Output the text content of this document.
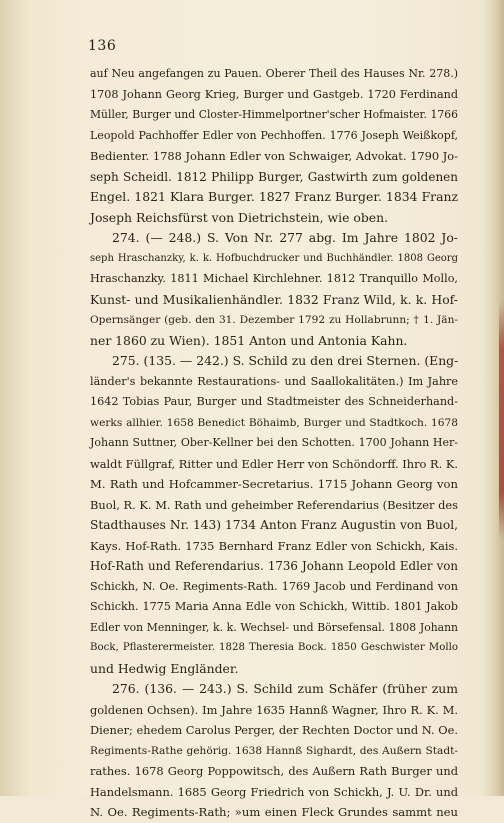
136
auf Neu angefangen zu Pauen. Oberer Theil des Hauses Nr. 278.)
1708 Johann Georg Krieg, Burger und Gastgeb. 1720 Ferdinand
Müller, Burger und Closter-Himmelportner'scher Hofmaister. 1766
Leopold Pachhoffer Edler von Pechhoffen. 1776 Joseph Weißkopf,
Bedienter. 1788 Johann Edler von Schwaiger, Advokat. 1790 Jo-
seph Scheidl. 1812 Philipp Burger, Gastwirth zum goldenen
Engel. 1821 Klara Burger. 1827 Franz Burger. 1834 Franz
Joseph Reichsfürst von Dietrichstein, wie oben.
274. (— 248.) S. Von Nr. 277 abg. Im Jahre 1802 Jo-
seph Hraschanzky, k. k. Hofbuchdrucker und Buchhändler. 1808 Georg
Hraschanzky. 1811 Michael Kirchlehner. 1812 Tranquillo Mollo,
Kunst- und Musikalienhändler. 1832 Franz Wild, k. k. Hof-
Opernsänger (geb. den 31. Dezember 1792 zu Hollabrunn; † 1. Jän-
ner 1860 zu Wien). 1851 Anton und Antonia Kahn.
275. (135. — 242.) S. Schild zu den drei Sternen. (Eng-
länder's bekannte Restaurations- und Saallokalitäten.) Im Jahre
1642 Tobias Paur, Burger und Stadtmeister des Schneiderhand-
werks allhier. 1658 Benedict Böhaimb, Burger und Stadtkoch. 1678
Johann Suttner, Ober-Kellner bei den Schotten. 1700 Johann Her-
waldt Füllgraf, Ritter und Edler Herr von Schöndorff. Ihro R. K.
M. Rath und Hofcammer-Secretarius. 1715 Johann Georg von
Buol, R. K. M. Rath und geheimber Referendarius (Besitzer des
Stadthauses Nr. 143) 1734 Anton Franz Augustin von Buol,
Kays. Hof-Rath. 1735 Bernhard Franz Edler von Schickh, Kais.
Hof-Rath und Referendarius. 1736 Johann Leopold Edler von
Schickh, N. Oe. Regiments-Rath. 1769 Jacob und Ferdinand von
Schickh. 1775 Maria Anna Edle von Schickh, Wittib. 1801 Jakob
Edler von Menninger, k. k. Wechsel- und Börsefensal. 1808 Johann
Bock, Pflasterermeister. 1828 Theresia Bock. 1850 Geschwister Mollo
und Hedwig Engländer.
276. (136. — 243.) S. Schild zum Schäfer (früher zum
goldenen Ochsen). Im Jahre 1635 Hannß Wagner, Ihro R. K. M.
Diener; ehedem Carolus Perger, der Rechten Doctor und N. Oe.
Regiments-Rathe gehörig. 1638 Hannß Sighardt, des Außern Stadt-
rathes. 1678 Georg Poppowitsch, des Außern Rath Burger und
Handelsmann. 1685 Georg Friedrich von Schickh, J. U. Dr. und
N. Oe. Regiments-Rath; »um einen Fleck Grundes sammt neu
